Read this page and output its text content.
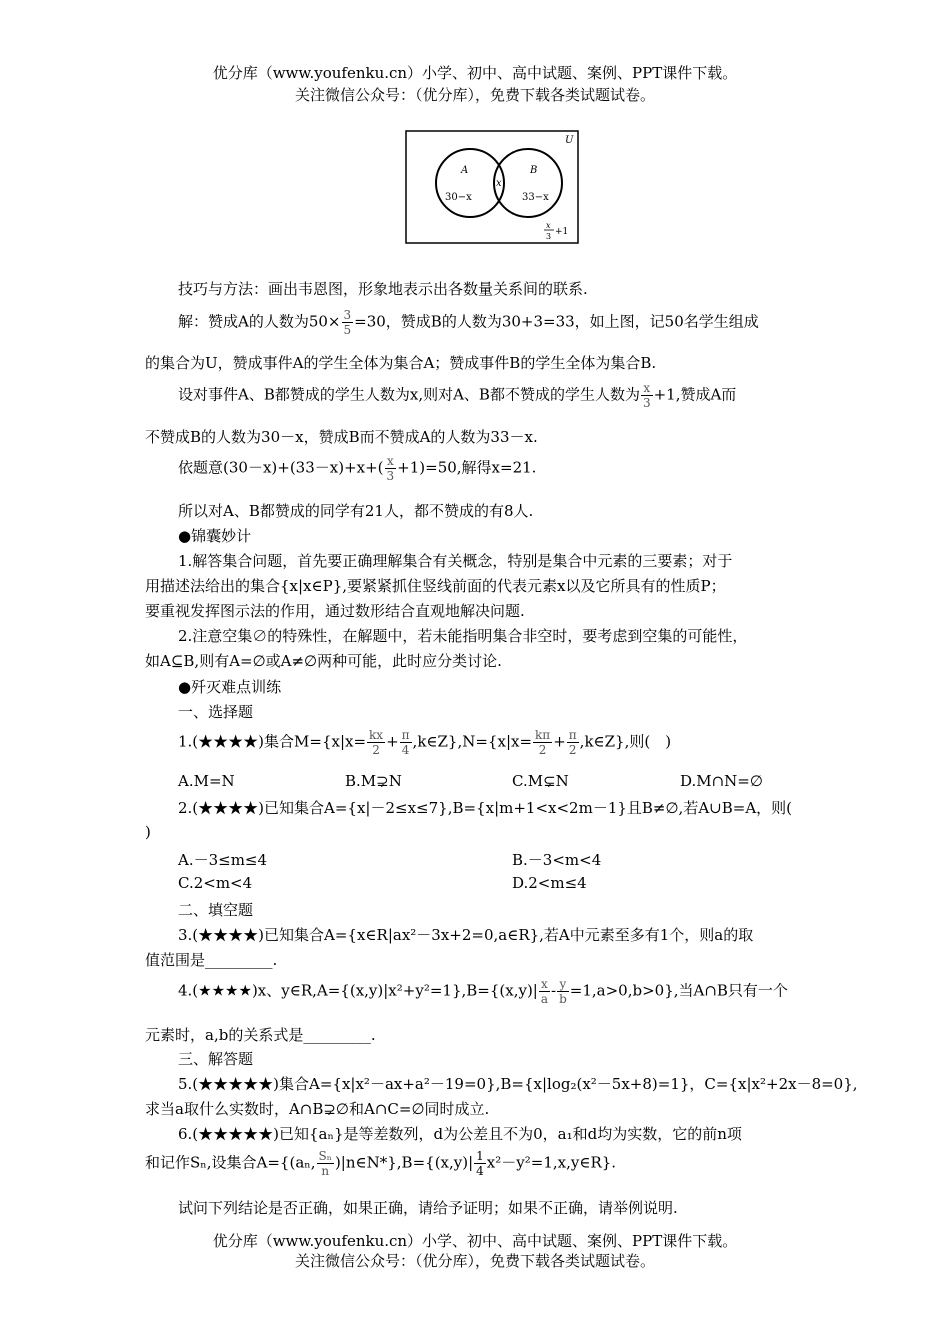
优分库（www.youfenku.cn）小学、初中、高中试题、案例、PPT课件下载。
关注微信公众号：（优分库），免费下载各类试题试卷。
U
A	B
30−x
x
33−x
x
3 +1
技巧与方法：画出韦恩图，形象地表示出各数量关系间的联系.
解：赞成A的人数为$50\times \frac{3}{5} =30$，赞成B的人数为30+3=33，如上图，记50名学生组成
的集合为U，赞成事件A的学生全体为集合A；赞成事件B的学生全体为集合B.
设对事件A、B都赞成的学生人数为x,则对A、B都不赞成的学生人数为 $\frac{x}{3} +1$,赞成A而
不赞成B的人数为30－x，赞成B而不赞成A的人数为33－x.
依题意$(30-x)+(33-x)+x+( \frac{x}{3} +1)=50$,解得x=21.
所以对A、B都赞成的同学有21人，都不赞成的有8人.
●锦囊妙计
1.解答集合问题，首先要正确理解集合有关概念，特别是集合中元素的三要素；对于
用描述法给出的集合{x|x∈P},要紧紧抓住竖线前面的代表元素x以及它所具有的性质P；
要重视发挥图示法的作用，通过数形结合直观地解决问题.
2.注意空集∅的特殊性，在解题中，若未能指明集合非空时，要考虑到空集的可能性，
如A⊆B,则有A=∅或A≠∅两种可能，此时应分类讨论.
●歼灭难点训练
一、选择题
1.(★★★★)集合$M=\{x|x= \frac{kx}{2} + \frac{\pi}{4}$ ,k∈Z},N={x|x= $\frac{k\pi}{2} + \frac{\pi}{2}$ ,k∈Z},则(　)
A.M=N	B.M⊋N	C.M⊊N	D.M∩N=∅
2.(★★★★)已知集合A={x|－2≤x≤7},B={x|m+1<x<2m－1}且B≠∅,若A∪B=A，则(
)
A.－3≤m≤4	B.－3<m<4
C.2<m<4	D.2<m≤4
二、填空题
3.(★★★★)已知集合A={x∈R|ax²－3x+2=0,a∈R},若A中元素至多有1个，则a的取
值范围是_________.
4.(★★★★)x、y∈R,A={(x,y)|x²+y²=1},B={(x,y)| $\frac{x}{a} - \frac{y}{b} =1,a>0,b>0$},当A∩B只有一个
元素时，a,b的关系式是_________.
三、解答题
5.(★★★★★)集合A={x|x²－ax+a²－19=0},B={x|log₂(x²－5x+8)=1}，C={x|x²+2x－8=0},
求当a取什么实数时，A∩B⊋∅和A∩C=∅同时成立.
6.(★★★★★)已知{aₙ}是等差数列，d为公差且不为0，a₁和d均为实数，它的前n项
和记作Sₙ,设集合A={(aₙ, $\frac{\text{Sₙ}}{n}$ )|n∈N*},B={(x,y)| $\frac{1}{4}$ x²－y²=1,x,y∈R}.
试问下列结论是否正确，如果正确，请给予证明；如果不正确，请举例说明.
优分库（www.youfenku.cn）小学、初中、高中试题、案例、PPT课件下载。
关注微信公众号：（优分库），免费下载各类试题试卷。
